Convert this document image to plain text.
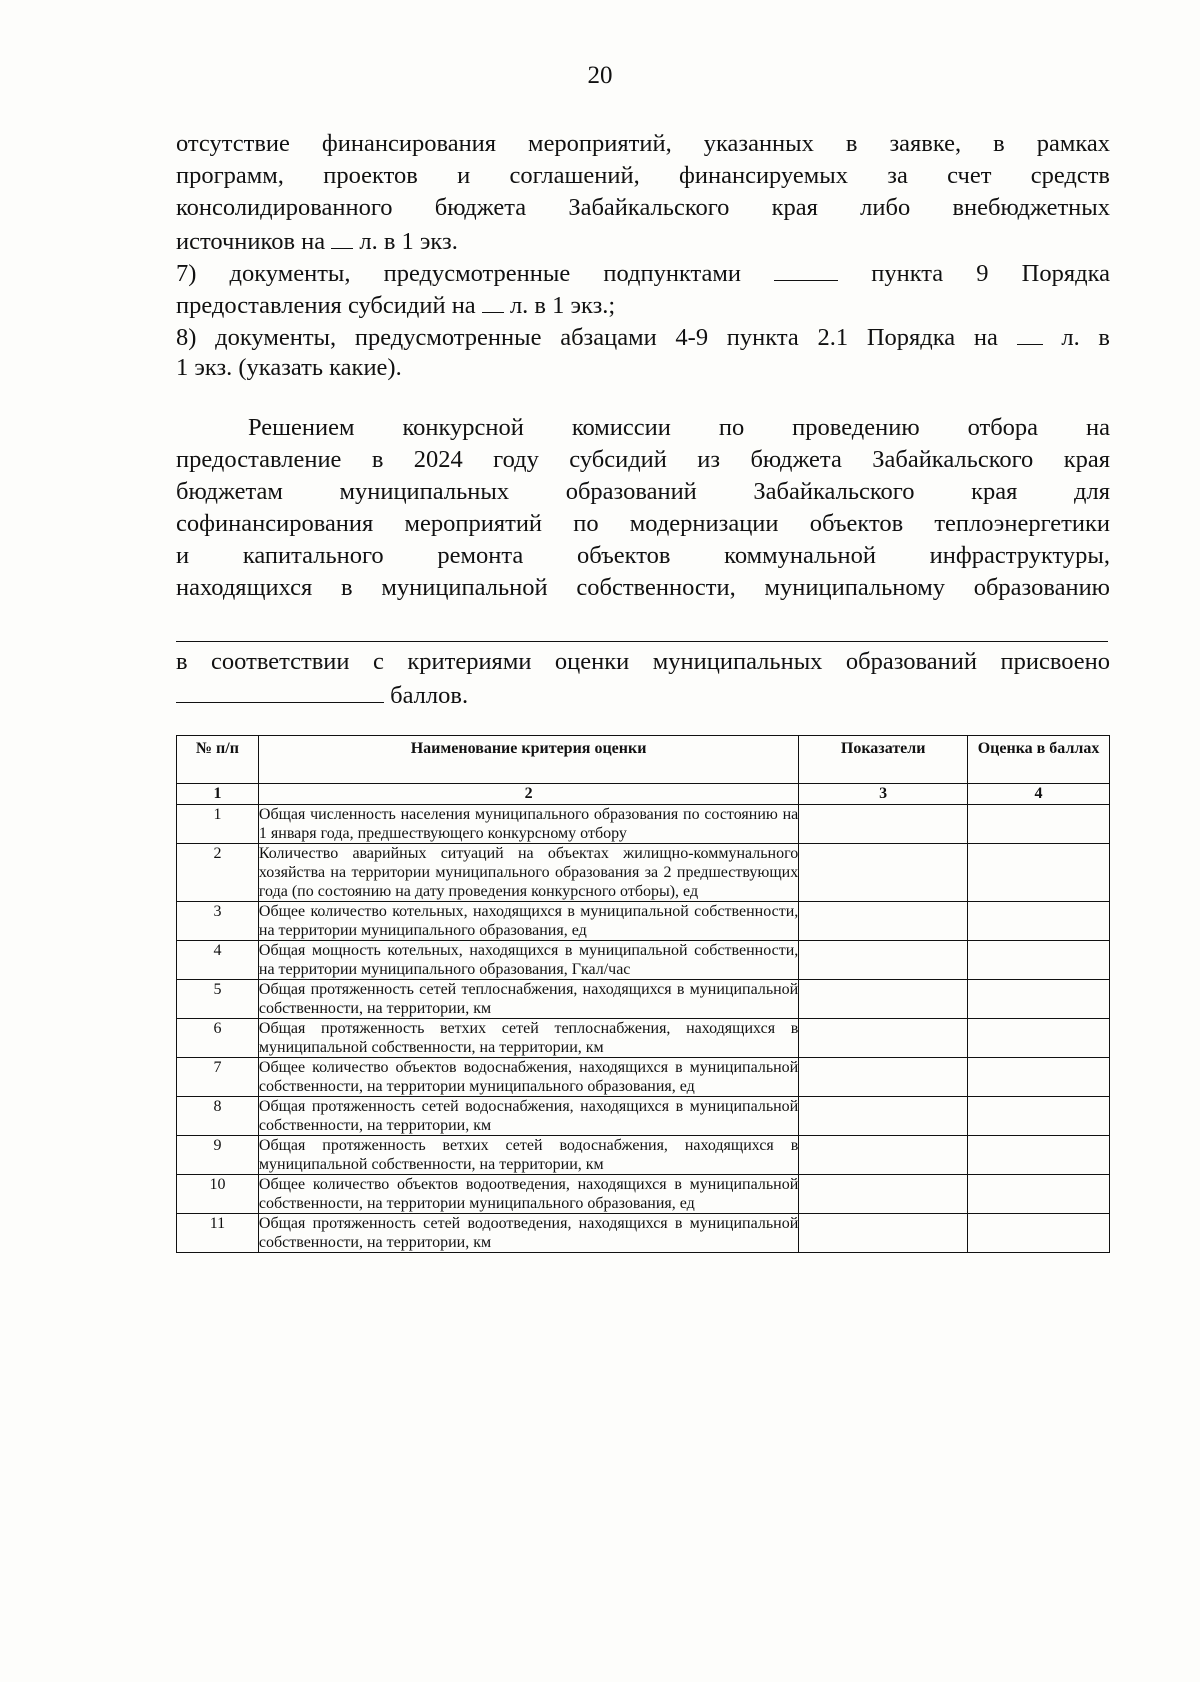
20
отсутствие финансирования мероприятий, указанных в заявке, в рамках
программ, проектов и соглашений, финансируемых за счет средств
консолидированного бюджета Забайкальского края либо внебюджетных
источников на  л. в 1 экз.
7) документы, предусмотренные подпунктами	пункта 9 Порядка
предоставления субсидий на  л. в 1 экз.;
8) документы, предусмотренные абзацами 4-9 пункта 2.1 Порядка на  л. в
1 экз. (указать какие).
Решением конкурсной комиссии по проведению отбора на
предоставление в 2024 году субсидий из бюджета Забайкальского края
бюджетам муниципальных образований Забайкальского края для
софинансирования мероприятий по модернизации объектов теплоэнергетики
и капитального ремонта объектов коммунальной инфраструктуры,
находящихся в муниципальной собственности, муниципальному образованию
в соответствии с критериями оценки муниципальных образований присвоено
баллов.
№ п/п	Наименование критерия оценки	Показатели	Оценка в баллах
1	2	3	4
1	Общая численность населения муниципального образования по состоянию на 1 января года, предшествующего конкурсному отбору		
2	Количество аварийных ситуаций на объектах жилищно-коммунального хозяйства на территории муниципального образования за 2 предшествующих года (по состоянию на дату проведения конкурсного отборы), ед		
3	Общее количество котельных, находящихся в муниципальной собственности, на территории муниципального образования, ед		
4	Общая мощность котельных, находящихся в муниципальной собственности, на территории муниципального образования, Гкал/час		
5	Общая протяженность сетей теплоснабжения, находящихся в муниципальной собственности, на территории, км		
6	Общая протяженность ветхих сетей теплоснабжения, находящихся в муниципальной собственности, на территории, км		
7	Общее количество объектов водоснабжения, находящихся в муниципальной собственности, на территории муниципального образования, ед		
8	Общая протяженность сетей водоснабжения, находящихся в муниципальной собственности, на территории, км		
9	Общая протяженность ветхих сетей водоснабжения, находящихся в муниципальной собственности, на территории, км		
10	Общее количество объектов водоотведения, находящихся в муниципальной собственности, на территории муниципального образования, ед		
11	Общая протяженность сетей водоотведения, находящихся в муниципальной собственности, на территории, км		
